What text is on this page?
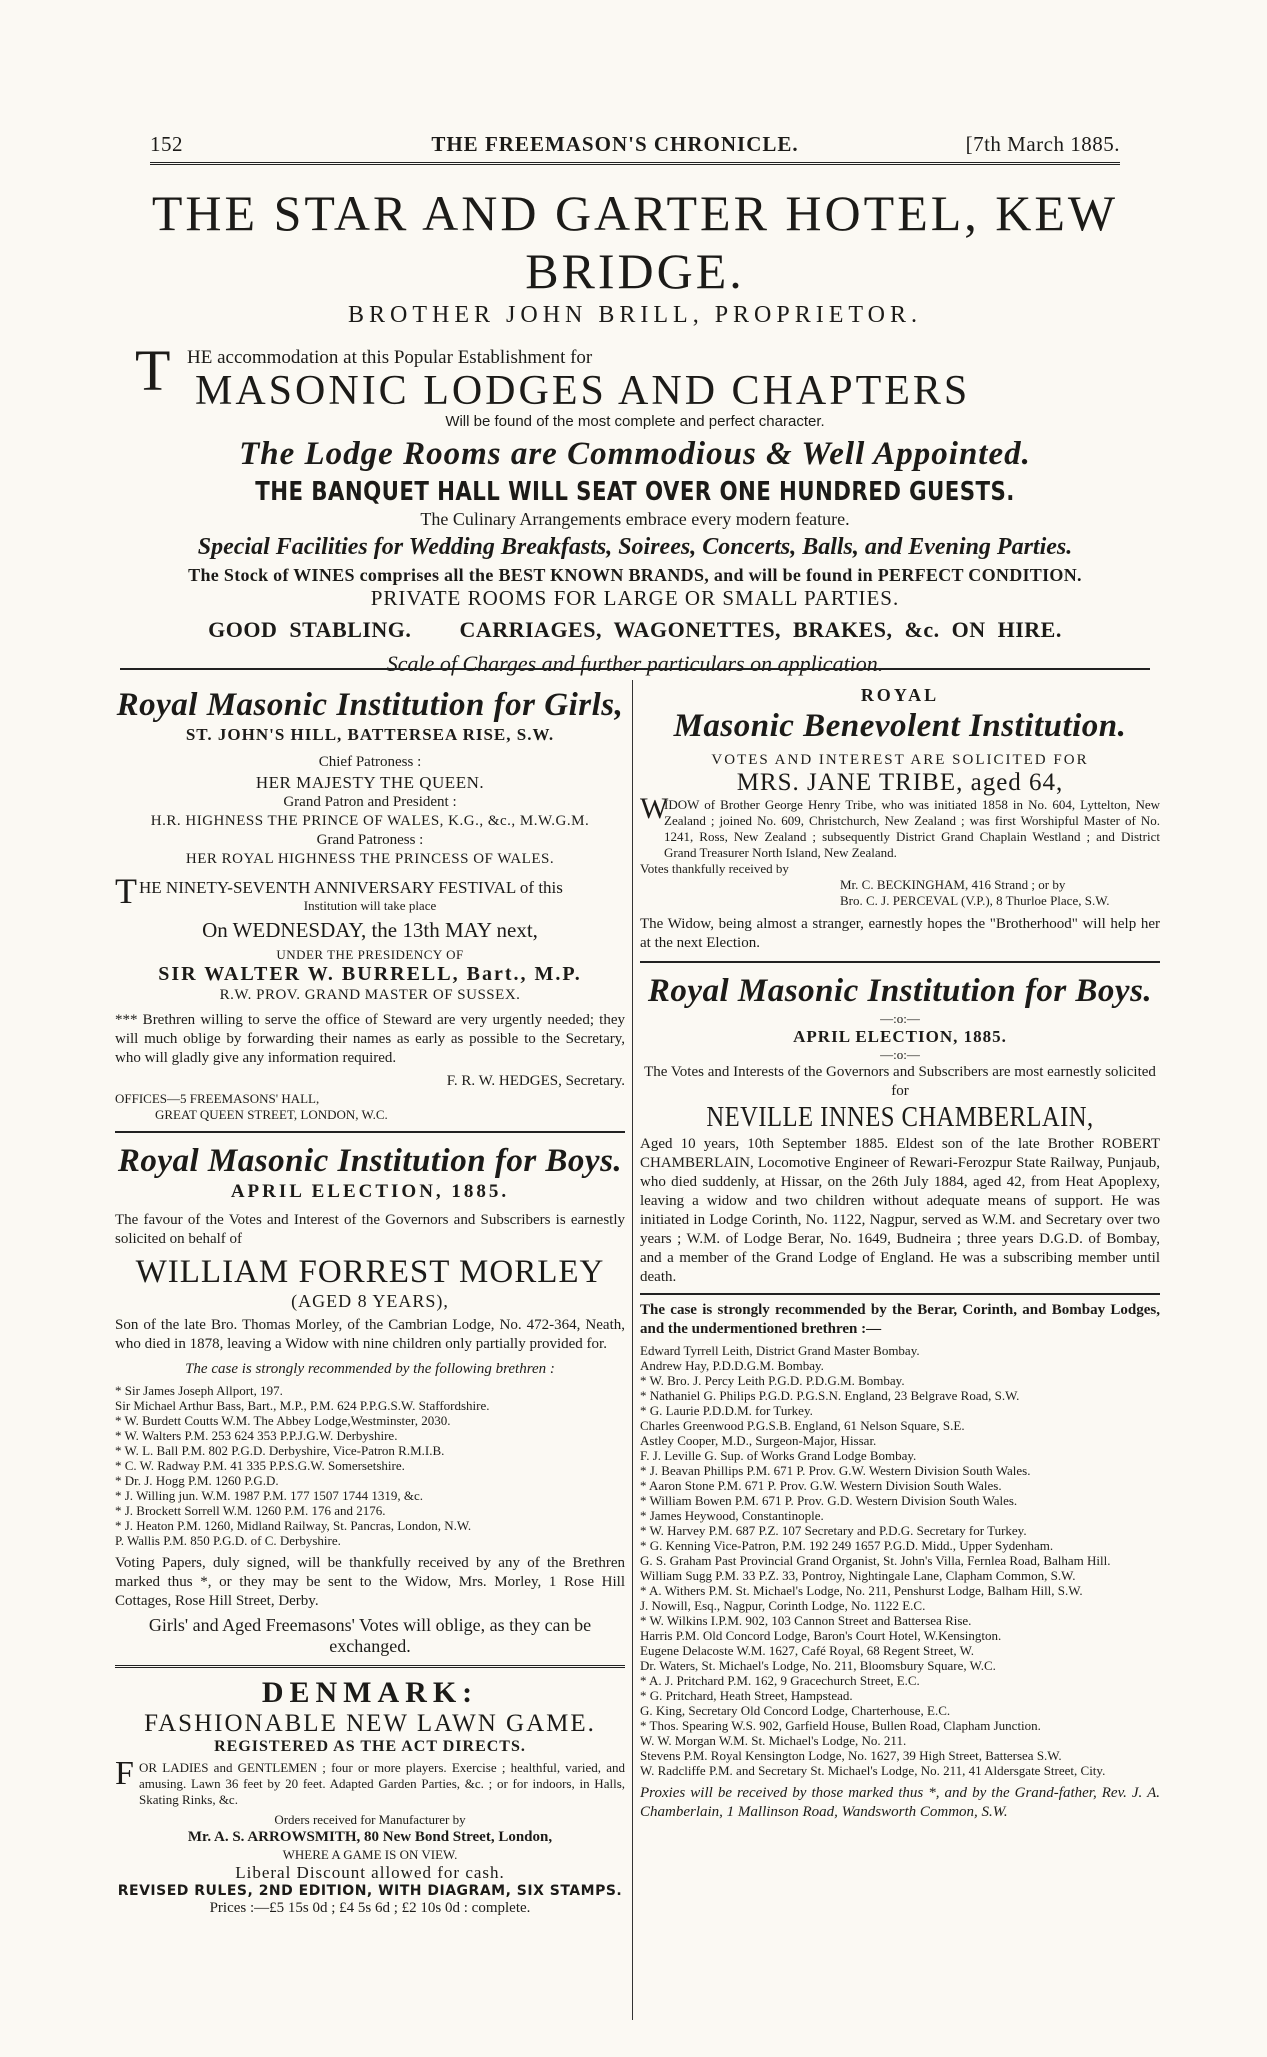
152	THE FREEMASON'S CHRONICLE.	[7th March 1885.

THE STAR AND GARTER HOTEL, KEW BRIDGE.

BROTHER JOHN BRILL, PROPRIETOR.

T HE accommodation at this Popular Establishment for

MASONIC LODGES AND CHAPTERS

Will be found of the most complete and perfect character.

The Lodge Rooms are Commodious & Well Appointed.

THE BANQUET HALL WILL SEAT OVER ONE HUNDRED GUESTS.

The Culinary Arrangements embrace every modern feature.

Special Facilities for Wedding Breakfasts, Soirees, Concerts, Balls, and Evening Parties.

The Stock of WINES comprises all the BEST KNOWN BRANDS, and will be found in PERFECT CONDITION.

PRIVATE ROOMS FOR LARGE OR SMALL PARTIES.

GOOD STABLING. CARRIAGES, WAGONETTES, BRAKES, &c. ON HIRE.

Scale of Charges and further particulars on application.

Royal Masonic Institution for Girls,

ST. JOHN'S HILL, BATTERSEA RISE, S.W.

Chief Patroness :

HER MAJESTY THE QUEEN.

Grand Patron and President :

H.R. HIGHNESS THE PRINCE OF WALES, K.G., &c., M.W.G.M.

Grand Patroness :

HER ROYAL HIGHNESS THE PRINCESS OF WALES.

T HE NINETY-SEVENTH ANNIVERSARY FESTIVAL of this

Institution will take place

On WEDNESDAY, the 13th MAY next,

UNDER THE PRESIDENCY OF

SIR WALTER W. BURRELL, Bart., M.P.

R.W. PROV. GRAND MASTER OF SUSSEX.

*** Brethren willing to serve the office of Steward are very urgently needed; they will much oblige by forwarding their names as early as possible to the Secretary, who will gladly give any information required.

F. R. W. HEDGES, Secretary.

OFFICES—5 FREEMASONS' HALL,

GREAT QUEEN STREET, LONDON, W.C.

Royal Masonic Institution for Boys.

APRIL ELECTION, 1885.

The favour of the Votes and Interest of the Governors and Subscribers is earnestly solicited on behalf of

WILLIAM FORREST MORLEY

(AGED 8 YEARS),

Son of the late Bro. Thomas Morley, of the Cambrian Lodge, No. 472-364, Neath, who died in 1878, leaving a Widow with nine children only partially provided for.

The case is strongly recommended by the following brethren :

* Sir James Joseph Allport, 197.
Sir Michael Arthur Bass, Bart., M.P., P.M. 624 P.P.G.S.W. Staffordshire.
* W. Burdett Coutts W.M. The Abbey Lodge,Westminster, 2030.
* W. Walters P.M. 253 624 353 P.P.J.G.W. Derbyshire.
* W. L. Ball P.M. 802 P.G.D. Derbyshire, Vice-Patron R.M.I.B.
* C. W. Radway P.M. 41 335 P.P.S.G.W. Somersetshire.
* Dr. J. Hogg P.M. 1260 P.G.D.
* J. Willing jun. W.M. 1987 P.M. 177 1507 1744 1319, &c.
* J. Brockett Sorrell W.M. 1260 P.M. 176 and 2176.
* J. Heaton P.M. 1260, Midland Railway, St. Pancras, London, N.W.
P. Wallis P.M. 850 P.G.D. of C. Derbyshire.

Voting Papers, duly signed, will be thankfully received by any of the Brethren marked thus *, or they may be sent to the Widow, Mrs. Morley, 1 Rose Hill Cottages, Rose Hill Street, Derby.

Girls' and Aged Freemasons' Votes will oblige, as they can be exchanged.

DENMARK:

FASHIONABLE NEW LAWN GAME.

REGISTERED AS THE ACT DIRECTS.

F OR LADIES and GENTLEMEN ; four or more players. Exercise ; healthful, varied, and amusing. Lawn 36 feet by 20 feet. Adapted Garden Parties, &c. ; or for indoors, in Halls, Skating Rinks, &c.

Orders received for Manufacturer by

Mr. A. S. ARROWSMITH, 80 New Bond Street, London,

WHERE A GAME IS ON VIEW.

Liberal Discount allowed for cash.

REVISED RULES, 2ND EDITION, WITH DIAGRAM, SIX STAMPS.

Prices :—£5 15s 0d ; £4 5s 6d ; £2 10s 0d : complete.

ROYAL

Masonic Benevolent Institution.

VOTES AND INTEREST ARE SOLICITED FOR

MRS. JANE TRIBE, aged 64,

W
IDOW of Brother George Henry Tribe, who was initiated 1858 in No. 604, Lyttelton, New Zealand ; joined No. 609, Christchurch, New Zealand ; was first Worshipful Master of No. 1241, Ross, New Zealand ; subsequently District Grand Chaplain Westland ; and District Grand Treasurer North Island, New Zealand.

Votes thankfully received by

Mr. C. BECKINGHAM, 416 Strand ; or by

Bro. C. J. PERCEVAL (V.P.), 8 Thurloe Place, S.W.

The Widow, being almost a stranger, earnestly hopes the "Brotherhood" will help her at the next Election.

Royal Masonic Institution for Boys.

—:o:—

APRIL ELECTION, 1885.

—:o:—

The Votes and Interests of the Governors and Subscribers are most earnestly solicited for

NEVILLE INNES CHAMBERLAIN,

Aged 10 years, 10th September 1885. Eldest son of the late Brother ROBERT CHAMBERLAIN, Locomotive Engineer of Rewari-Ferozpur State Railway, Punjaub, who died suddenly, at Hissar, on the 26th July 1884, aged 42, from Heat Apoplexy, leaving a widow and two children without adequate means of support. He was initiated in Lodge Corinth, No. 1122, Nagpur, served as W.M. and Secretary over two years ; W.M. of Lodge Berar, No. 1649, Budneira ; three years D.G.D. of Bombay, and a member of the Grand Lodge of England. He was a subscribing member until death.

The case is strongly recommended by the Berar, Corinth, and Bombay Lodges, and the undermentioned brethren :—

Edward Tyrrell Leith, District Grand Master Bombay.
Andrew Hay, P.D.D.G.M. Bombay.
* W. Bro. J. Percy Leith P.G.D. P.D.G.M. Bombay.
* Nathaniel G. Philips P.G.D. P.G.S.N. England, 23 Belgrave Road, S.W.
* G. Laurie P.D.D.M. for Turkey.
Charles Greenwood P.G.S.B. England, 61 Nelson Square, S.E.
Astley Cooper, M.D., Surgeon-Major, Hissar.
F. J. Leville G. Sup. of Works Grand Lodge Bombay.
* J. Beavan Phillips P.M. 671 P. Prov. G.W. Western Division South Wales.
* Aaron Stone P.M. 671 P. Prov. G.W. Western Division South Wales.
* William Bowen P.M. 671 P. Prov. G.D. Western Division South Wales.
* James Heywood, Constantinople.
* W. Harvey P.M. 687 P.Z. 107 Secretary and P.D.G. Secretary for Turkey.
* G. Kenning Vice-Patron, P.M. 192 249 1657 P.G.D. Midd., Upper Sydenham.
G. S. Graham Past Provincial Grand Organist, St. John's Villa, Fernlea Road, Balham Hill.
William Sugg P.M. 33 P.Z. 33, Pontroy, Nightingale Lane, Clapham Common, S.W.
* A. Withers P.M. St. Michael's Lodge, No. 211, Penshurst Lodge, Balham Hill, S.W.
J. Nowill, Esq., Nagpur, Corinth Lodge, No. 1122 E.C.
* W. Wilkins I.P.M. 902, 103 Cannon Street and Battersea Rise.
Harris P.M. Old Concord Lodge, Baron's Court Hotel, W.Kensington.
Eugene Delacoste W.M. 1627, Café Royal, 68 Regent Street, W.
Dr. Waters, St. Michael's Lodge, No. 211, Bloomsbury Square, W.C.
* A. J. Pritchard P.M. 162, 9 Gracechurch Street, E.C.
* G. Pritchard, Heath Street, Hampstead.
G. King, Secretary Old Concord Lodge, Charterhouse, E.C.
* Thos. Spearing W.S. 902, Garfield House, Bullen Road, Clapham Junction.
W. W. Morgan W.M. St. Michael's Lodge, No. 211.
Stevens P.M. Royal Kensington Lodge, No. 1627, 39 High Street, Battersea S.W.
W. Radcliffe P.M. and Secretary St. Michael's Lodge, No. 211, 41 Aldersgate Street, City.

Proxies will be received by those marked thus *, and by the Grand-father, Rev. J. A. Chamberlain, 1 Mallinson Road, Wandsworth Common, S.W.
